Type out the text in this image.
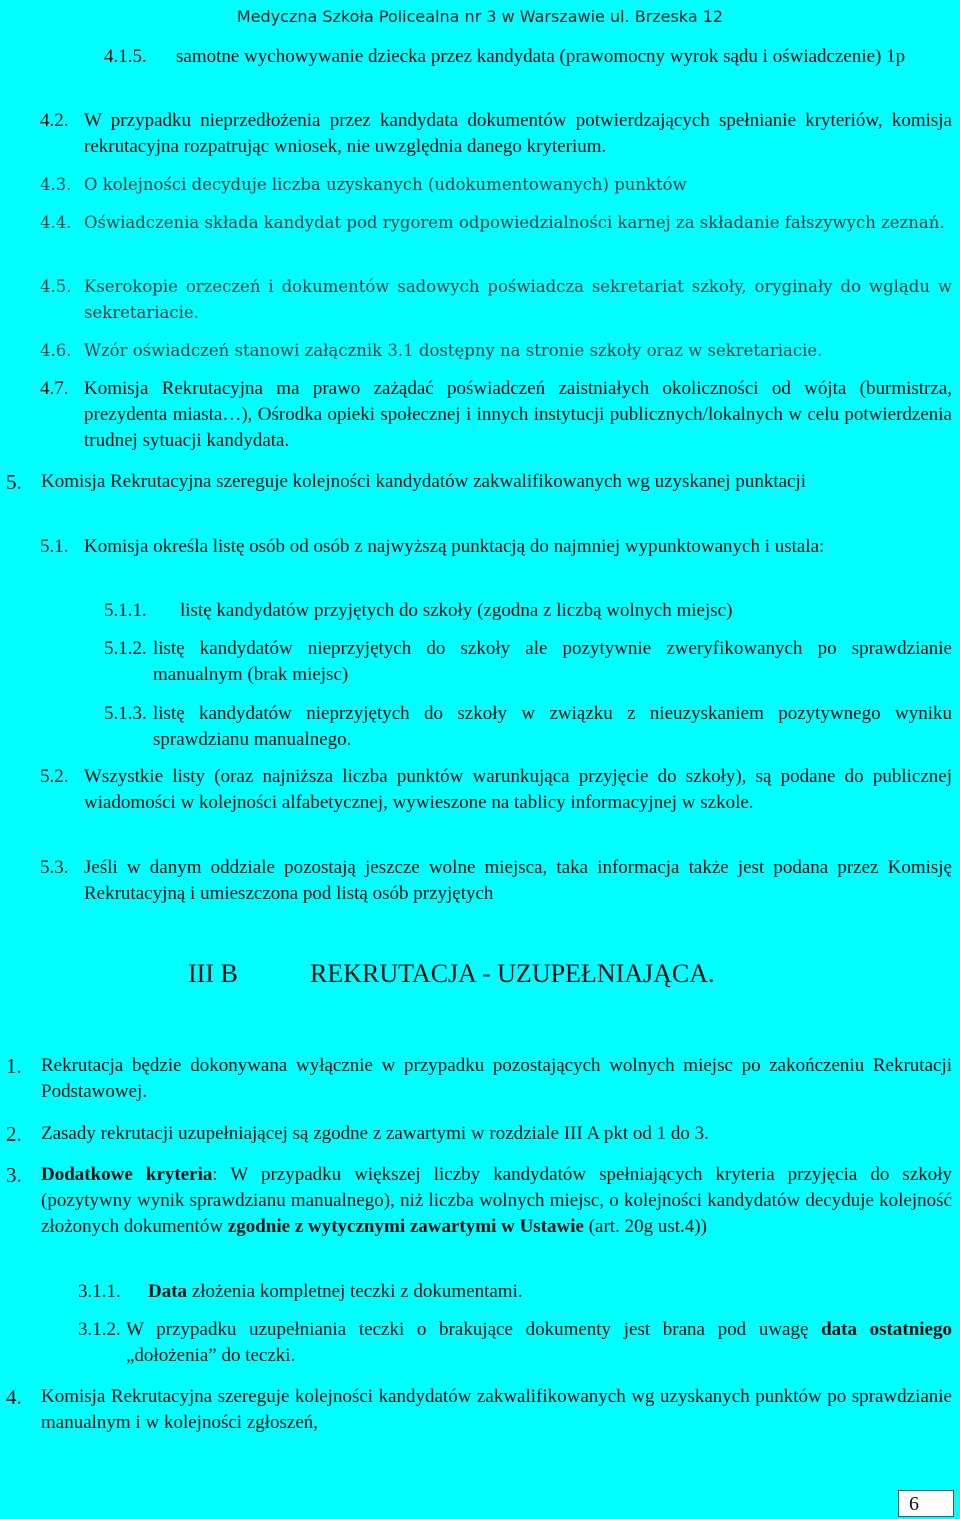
Medyczna Szkoła Policealna nr 3 w Warszawie ul. Brzeska 12
4.1.5.	samotne wychowywanie dziecka przez kandydata (prawomocny wyrok sądu i oświadczenie) 1p
4.2. W przypadku nieprzedłożenia przez kandydata dokumentów potwierdzających spełnianie kryteriów, komisja rekrutacyjna rozpatrując wniosek, nie uwzględnia danego kryterium.
4.3. O kolejności decyduje liczba uzyskanych (udokumentowanych) punktów
4.4. Oświadczenia składa kandydat pod rygorem odpowiedzialności karnej za składanie fałszywych zeznań.
4.5. Kserokopie orzeczeń i dokumentów sadowych poświadcza sekretariat szkoły, oryginały do wglądu w sekretariacie.
4.6. Wzór oświadczeń stanowi załącznik 3.1 dostępny na stronie szkoły oraz w sekretariacie.
4.7. Komisja Rekrutacyjna ma prawo zażądać poświadczeń zaistniałych okoliczności od wójta (burmistrza, prezydenta miasta…), Ośrodka opieki społecznej i innych instytucji publicznych/lokalnych w celu potwierdzenia trudnej sytuacji kandydata.
5.	Komisja Rekrutacyjna szereguje kolejności kandydatów zakwalifikowanych wg uzyskanej punktacji
5.1. Komisja określa listę osób od osób z najwyższą punktacją do najmniej wypunktowanych i ustala:
5.1.1.	listę kandydatów przyjętych do szkoły (zgodna z liczbą wolnych miejsc)
5.1.2. listę kandydatów nieprzyjętych do szkoły ale pozytywnie zweryfikowanych po sprawdzianie manualnym (brak miejsc)
5.1.3. listę kandydatów nieprzyjętych do szkoły w związku z nieuzyskaniem pozytywnego wyniku sprawdzianu manualnego.
5.2. Wszystkie listy (oraz najniższa liczba punktów warunkująca przyjęcie do szkoły), są podane do publicznej wiadomości w kolejności alfabetycznej, wywieszone na tablicy informacyjnej w szkole.
5.3. Jeśli w danym oddziale pozostają jeszcze wolne miejsca, taka informacja także jest podana przez Komisję Rekrutacyjną i umieszczona pod listą osób przyjętych
III B	REKRUTACJA - UZUPEŁNIAJĄCA.
1.	Rekrutacja będzie dokonywana wyłącznie w przypadku pozostających wolnych miejsc po zakończeniu Rekrutacji Podstawowej.
2.	Zasady rekrutacji uzupełniającej są zgodne z zawartymi w rozdziale III A pkt od 1 do 3.
3.	Dodatkowe kryteria: W przypadku większej liczby kandydatów spełniających kryteria przyjęcia do szkoły (pozytywny wynik sprawdzianu manualnego), niż liczba wolnych miejsc, o kolejności kandydatów decyduje kolejność złożonych dokumentów zgodnie z wytycznymi zawartymi w Ustawie (art. 20g ust.4))
3.1.1.	Data złożenia kompletnej teczki z dokumentami.
3.1.2. W przypadku uzupełniania teczki o brakujące dokumenty jest brana pod uwagę data ostatniego „dołożenia” do teczki.
4.	Komisja Rekrutacyjna szereguje kolejności kandydatów zakwalifikowanych wg uzyskanych punktów po sprawdzianie manualnym i w kolejności zgłoszeń,
6
